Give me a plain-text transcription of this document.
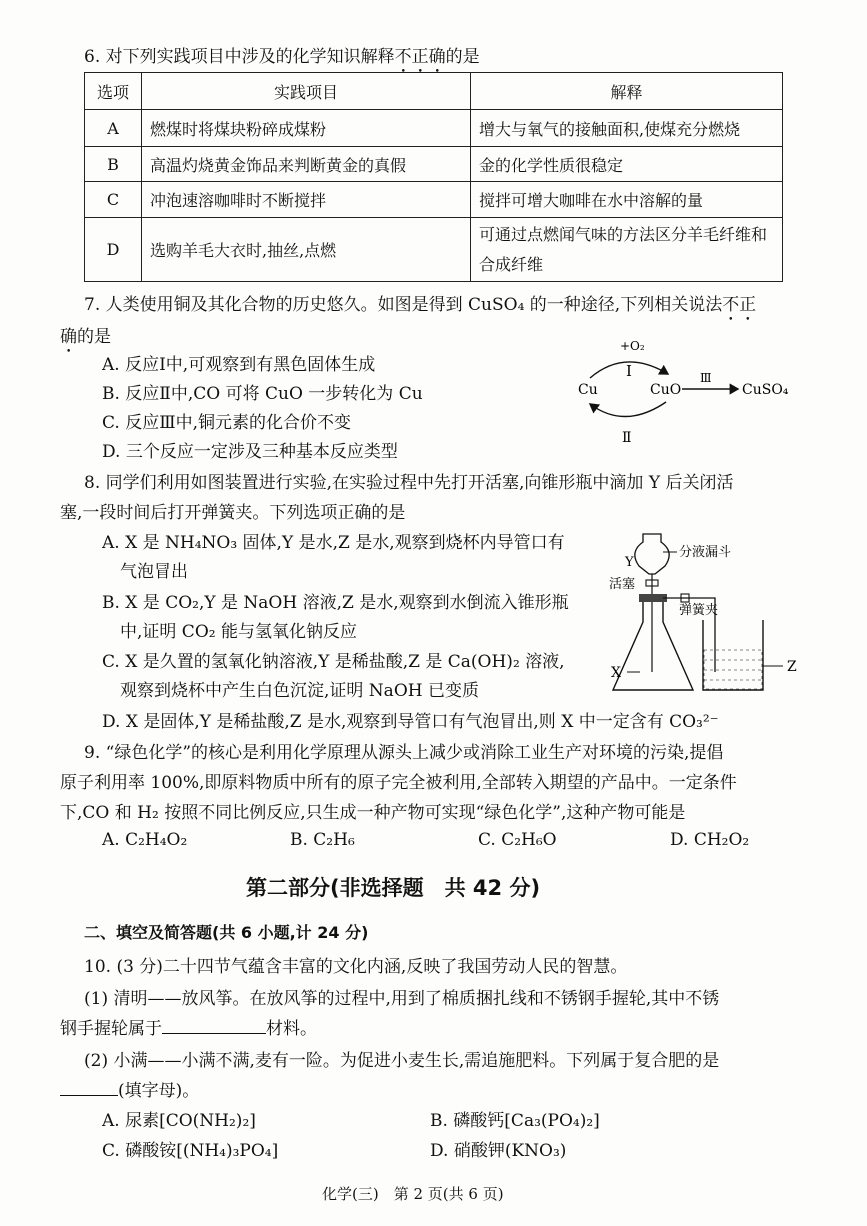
6. 对下列实践项目中涉及的化学知识解释不正确的是
选项	实践项目	解释
A	燃煤时将煤块粉碎成煤粉	增大与氧气的接触面积,使煤充分燃烧
B	高温灼烧黄金饰品来判断黄金的真假	金的化学性质很稳定
C	冲泡速溶咖啡时不断搅拌	搅拌可增大咖啡在水中溶解的量
D	选购羊毛大衣时,抽丝,点燃	可通过点燃闻气味的方法区分羊毛纤维和合成纤维
7. 人类使用铜及其化合物的历史悠久。如图是得到 CuSO₄ 的一种途径,下列相关说法不正
确的是
A. 反应Ⅰ中,可观察到有黑色固体生成
B. 反应Ⅱ中,CO 可将 CuO 一步转化为 Cu
C. 反应Ⅲ中,铜元素的化合价不变
D. 三个反应一定涉及三种基本反应类型
+O₂
Ⅰ
Cu	CuO
Ⅲ
CuSO₄
Ⅱ
8. 同学们利用如图装置进行实验,在实验过程中先打开活塞,向锥形瓶中滴加 Y 后关闭活
塞,一段时间后打开弹簧夹。下列选项正确的是
A. X 是 NH₄NO₃ 固体,Y 是水,Z 是水,观察到烧杯内导管口有
气泡冒出
B. X 是 CO₂,Y 是 NaOH 溶液,Z 是水,观察到水倒流入锥形瓶
中,证明 CO₂ 能与氢氧化钠反应
C. X 是久置的氢氧化钠溶液,Y 是稀盐酸,Z 是 Ca(OH)₂ 溶液,
观察到烧杯中产生白色沉淀,证明 NaOH 已变质
D. X 是固体,Y 是稀盐酸,Z 是水,观察到导管口有气泡冒出,则 X 中一定含有 CO₃²⁻
Y
分液漏斗
活塞
弹簧夹
X	Z
9. “绿色化学”的核心是利用化学原理从源头上减少或消除工业生产对环境的污染,提倡
原子利用率 100%,即原料物质中所有的原子完全被利用,全部转入期望的产品中。一定条件
下,CO 和 H₂ 按照不同比例反应,只生成一种产物可实现“绿色化学”,这种产物可能是
A. C₂H₄O₂	B. C₂H₆	C. C₂H₆O	D. CH₂O₂
第二部分(非选择题　共 42 分)
二、填空及简答题(共 6 小题,计 24 分)
10. (3 分)二十四节气蕴含丰富的文化内涵,反映了我国劳动人民的智慧。
(1) 清明——放风筝。在放风筝的过程中,用到了棉质捆扎线和不锈钢手握轮,其中不锈
钢手握轮属于	材料。
(2) 小满——小满不满,麦有一险。为促进小麦生长,需追施肥料。下列属于复合肥的是
(填字母)。
A. 尿素[CO(NH₂)₂]	B. 磷酸钙[Ca₃(PO₄)₂]
C. 磷酸铵[(NH₄)₃PO₄]	D. 硝酸钾(KNO₃)
化学(三)　第 2 页(共 6 页)
